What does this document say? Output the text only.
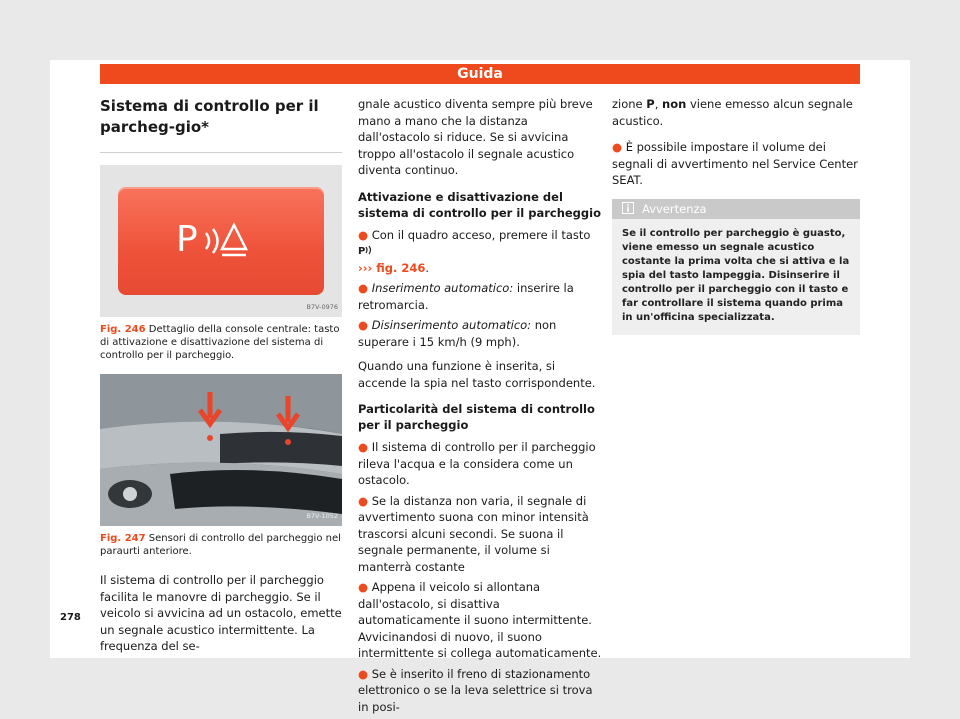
Guida
Sistema di controllo per il parcheg-gio*
P
B7V-0976

Fig. 246 Dettaglio della console centrale: tasto di attivazione e disattivazione del sistema di controllo per il parcheggio.

B7V-1052

Fig. 247 Sensori di controllo del parcheggio nel paraurti anteriore.

Il sistema di controllo per il parcheggio facilita le manovre di parcheggio. Se il veicolo si avvicina ad un ostacolo, emette un segnale acustico intermittente. La frequenza del se-

gnale acustico diventa sempre più breve mano a mano che la distanza dall'ostacolo si riduce. Se si avvicina troppo all'ostacolo il segnale acustico diventa continuo.

Attivazione e disattivazione del sistema di controllo per il parcheggio

● Con il quadro acceso, premere il tasto
P

››› fig. 246.

● Inserimento automatico: inserire la retromarcia.

● Disinserimento automatico: non superare i 15 km/h (9 mph).

Quando una funzione è inserita, si accende la spia nel tasto corrispondente.

Particolarità del sistema di controllo per il parcheggio

● Il sistema di controllo per il parcheggio rileva l'acqua e la considera come un ostacolo.

● Se la distanza non varia, il segnale di avvertimento suona con minor intensità trascorsi alcuni secondi. Se suona il segnale permanente, il volume si manterrà costante

● Appena il veicolo si allontana dall'ostacolo, si disattiva automaticamente il suono intermittente. Avvicinandosi di nuovo, il suono intermittente si collega automaticamente.

● Se è inserito il freno di stazionamento elettronico o se la leva selettrice si trova in posi-

zione P, non viene emesso alcun segnale acustico.

● È possibile impostare il volume dei segnali di avvertimento nel Service Center SEAT.

Avvertenza
Se il controllo per parcheggio è guasto, viene emesso un segnale acustico costante la prima volta che si attiva e la spia del tasto lampeggia. Disinserire il controllo per il parcheggio con il tasto e far controllare il sistema quando prima in un'officina specializzata.
278
